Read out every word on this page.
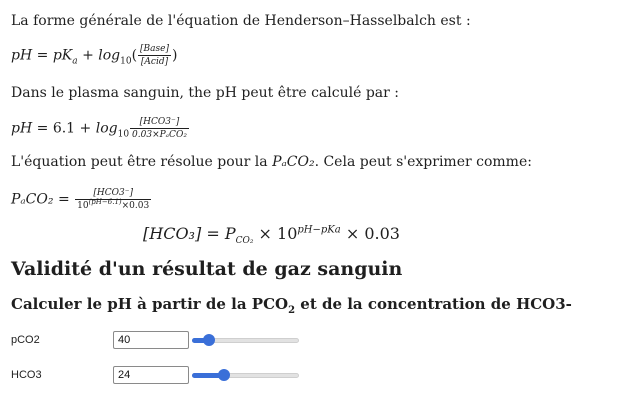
La forme générale de l'équation de Henderson–Hasselbalch est :
pH = $pK_a + \log_{10}( \frac{\text{[Base]}}{\text{[Acid]}}$ )
Dans le plasma sanguin, the pH peut être calculé par :
pH = $6.1 + \log_{10} \frac{\text{[HCO3⁻]}}{\text{0.03×PₐCO₂}}$
L'équation peut être résolue pour la PₐCO₂. Cela peut s'exprimer comme:
$P_aCO_2 = \frac{\text{[HCO3⁻]}}{10^{(pH-6.1)}\times 0.03}$
$[HCO_3] = P_{CO_2} \times 10^{pH-pKa} \times 0.03$
Validité d'un résultat de gaz sanguin
Calculer le pH à partir de la $PCO_2$ et de la concentration de HCO3-
pCO2
40
HCO3
24
